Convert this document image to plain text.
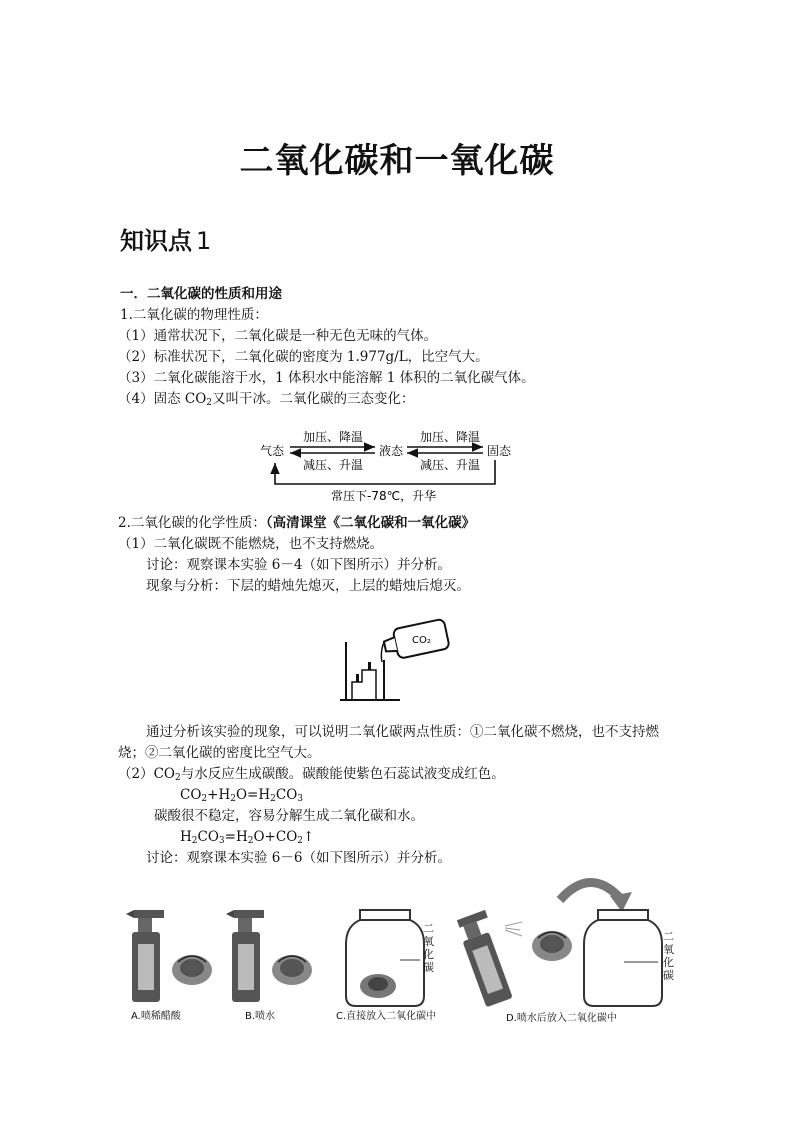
二氧化碳和一氧化碳
知识点 1
一．二氧化碳的性质和用途
1.二氧化碳的物理性质：
（1）通常状况下，二氧化碳是一种无色无味的气体。
（2）标准状况下，二氧化碳的密度为 1.977g/L，比空气大。
（3）二氧化碳能溶于水，1 体积水中能溶解 1 体积的二氧化碳气体。
（4）固态 $CO_2$又叫干冰。二氧化碳的三态变化：
气态	液态	固态
加压、降温	加压、降温
减压、升温	减压、升温
常压下-78℃，升华
2.二氧化碳的化学性质：（高清课堂《二氧化碳和一氧化碳》
（1）二氧化碳既不能燃烧，也不支持燃烧。
讨论：观察课本实验 6－4（如下图所示）并分析。
现象与分析：下层的蜡烛先熄灭，上层的蜡烛后熄灭。
CO₂
通过分析该实验的现象，可以说明二氧化碳两点性质：①二氧化碳不燃烧，也不支持燃
烧；②二氧化碳的密度比空气大。
$(2)CO_2$与水反应生成碳酸。碳酸能使紫色石蕊试液变成红色。
$CO_2+H_2O=H_2CO_3$
碳酸很不稳定，容易分解生成二氧化碳和水。
$H_2CO_3=H_2O+CO_2↑$
讨论：观察课本实验 6－6（如下图所示）并分析。
二氧化碳
二氧化碳
A.喷稀醋酸	B.喷水	C.直接放入二氧化碳中	D.喷水后放入二氧化碳中
